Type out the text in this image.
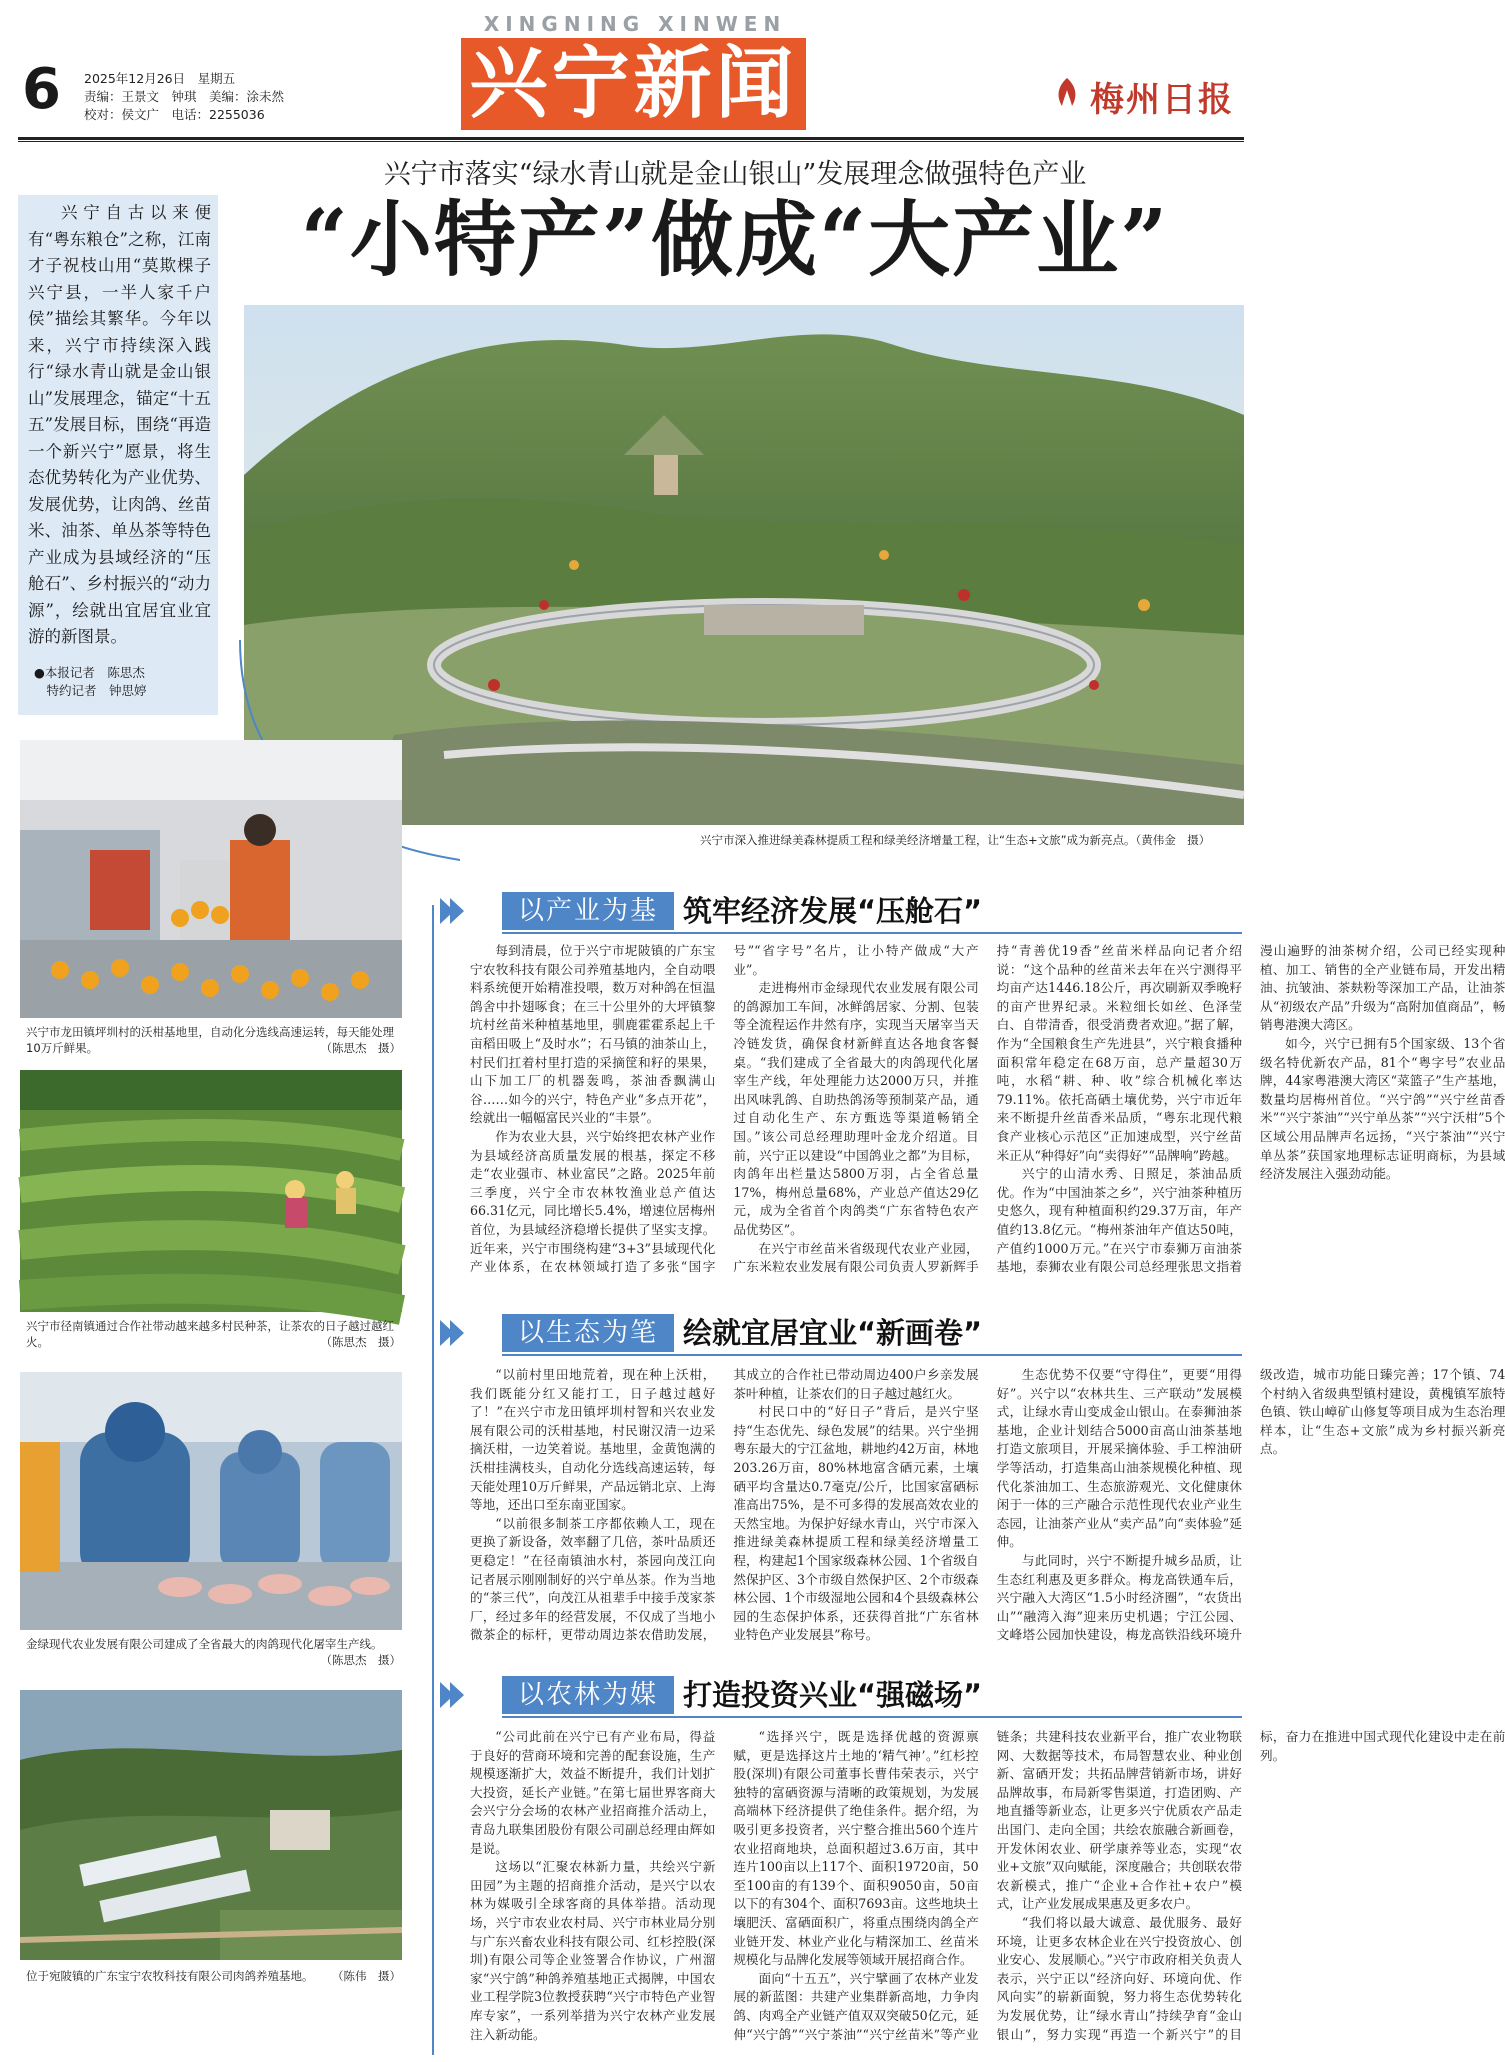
6 2025年12月26日　星期五
责编：王景文　钟琪　美编：涂未然
校对：侯文广　电话：2255036
XINGNING XINWEN
兴宁新闻	梅州日报
兴宁市落实“绿水青山就是金山银山”发展理念做强特色产业
“小特产”做成“大产业”
兴宁自古以来便有“粤东粮仓”之称，江南才子祝枝山用“莫欺棵子兴宁县，一半人家千户侯”描绘其繁华。今年以来，兴宁市持续深入践行“绿水青山就是金山银山”发展理念，锚定“十五五”发展目标，围绕“再造一个新兴宁”愿景，将生态优势转化为产业优势、发展优势，让肉鸽、丝苗米、油茶、单丛茶等特色产业成为县域经济的“压舱石”、乡村振兴的“动力源”，绘就出宜居宜业宜游的新图景。
●本报记者　陈思杰
　特约记者　钟思婷
兴宁市深入推进绿美森林提质工程和绿美经济增量工程，让“生态+文旅”成为新亮点。（黄伟金　摄）
兴宁市龙田镇坪圳村的沃柑基地里，自动化分选线高速运转，每天能处理10万斤鲜果。	（陈思杰　摄）
兴宁市径南镇通过合作社带动越来越多村民种茶，让茶农的日子越过越红火。	（陈思杰　摄）
金绿现代农业发展有限公司建成了全省最大的肉鸽现代化屠宰生产线。
（陈思杰　摄）
位于宛陂镇的广东宝宁农牧科技有限公司肉鸽养殖基地。 （陈伟　摄）
以产业为基 筑牢经济发展“压舱石”

每到清晨，位于兴宁市坭陂镇的广东宝宁农牧科技有限公司养殖基地内，全自动喂料系统便开始精准投喂，数万对种鸽在恒温鸽舍中扑翅啄食；在三十公里外的大坪镇黎坑村丝苗米种植基地里，驯鹿霍霍系起上千亩稻田吸上“及时水”；石马镇的油茶山上，村民们扛着村里打造的采摘筐和籽的果果，山下加工厂的机器轰鸣，茶油香飘满山谷……如今的兴宁，特色产业“多点开花”，绘就出一幅幅富民兴业的“丰景”。

作为农业大县，兴宁始终把农林产业作为县域经济高质量发展的根基，探定不移走“农业强市、林业富民”之路。2025年前三季度，兴宁全市农林牧渔业总产值达66.31亿元，同比增长5.4%，增速位居梅州首位，为县域经济稳增长提供了坚实支撑。近年来，兴宁市围绕构建“3+3”县域现代化产业体系，在农林领域打造了多张“国字号”“省字号”名片，让小特产做成“大产业”。

走进梅州市金绿现代农业发展有限公司的鸽源加工车间，冰鲜鸽居家、分割、包装等全流程运作井然有序，实现当天屠宰当天冷链发货，确保食材新鲜直达各地食客餐桌。“我们建成了全省最大的肉鸽现代化屠宰生产线，年处理能力达2000万只，并推出风味乳鸽、自助热鸽汤等预制菜产品，通过自动化生产、东方甄选等渠道畅销全国。”该公司总经理助理叶金龙介绍道。目前，兴宁正以建设“中国鸽业之都”为目标，肉鸽年出栏量达5800万羽，占全省总量17%，梅州总量68%，产业总产值达29亿元，成为全省首个肉鸽类“广东省特色农产品优势区”。

在兴宁市丝苗米省级现代农业产业园，广东米粒农业发展有限公司负责人罗新辉手持“青善优19香”丝苗米样品向记者介绍说：“这个品种的丝苗米去年在兴宁测得平均亩产达1446.18公斤，再次刷新双季晚籽的亩产世界纪录。米粒细长如丝、色泽莹白、自带清香，很受消费者欢迎。”据了解，作为“全国粮食生产先进县”，兴宁粮食播种面积常年稳定在68万亩，总产量超30万吨，水稻“耕、种、收”综合机械化率达79.11%。依托高硒土壤优势，兴宁市近年来不断提升丝苗香米品质，“粤东北现代粮食产业核心示范区”正加速成型，兴宁丝苗米正从“种得好”向“卖得好”“品牌响”跨越。

兴宁的山清水秀、日照足，茶油品质优。作为“中国油茶之乡”，兴宁油茶种植历史悠久，现有种植面积约29.37万亩，年产值约13.8亿元。“梅州茶油年产值达50吨，产值约1000万元。”在兴宁市泰狮万亩油茶基地，泰狮农业有限公司总经理张思文指着漫山遍野的油茶树介绍，公司已经实现种植、加工、销售的全产业链布局，开发出精油、抗皱油、茶麸粉等深加工产品，让油茶从“初级农产品”升级为“高附加值商品”，畅销粤港澳大湾区。

如今，兴宁已拥有5个国家级、13个省级名特优新农产品，81个“粤字号”农业品牌，44家粤港澳大湾区“菜篮子”生产基地，数量均居梅州首位。“兴宁鸽”“兴宁丝苗香米”“兴宁茶油”“兴宁单丛茶”“兴宁沃柑”5个区域公用品牌声名远扬，“兴宁茶油”“兴宁单丛茶”获国家地理标志证明商标，为县域经济发展注入强劲动能。

以生态为笔 绘就宜居宜业“新画卷”

“以前村里田地荒着，现在种上沃柑，我们既能分红又能打工，日子越过越好了！”在兴宁市龙田镇坪圳村智和兴农业发展有限公司的沃柑基地，村民谢汉清一边采摘沃柑，一边笑着说。基地里，金黄饱满的沃柑挂满枝头，自动化分选线高速运转，每天能处理10万斤鲜果，产品远销北京、上海等地，还出口至东南亚国家。

“以前很多制茶工序都依赖人工，现在更换了新设备，效率翻了几倍，茶叶品质还更稳定！”在径南镇油水村，茶园向茂江向记者展示刚刚制好的兴宁单丛茶。作为当地的“茶三代”，向茂江从祖辈手中接手茂家茶厂，经过多年的经营发展，不仅成了当地小微茶企的标杆，更带动周边茶农借助发展，其成立的合作社已带动周边400户乡亲发展茶叶种植，让茶农们的日子越过越红火。

村民口中的“好日子”背后，是兴宁坚持“生态优先、绿色发展”的结果。兴宁坐拥粤东最大的宁江盆地，耕地约42万亩，林地203.26万亩，80%林地富含硒元素，土壤硒平均含量达0.7毫克/公斤，比国家富硒标准高出75%，是不可多得的发展高效农业的天然宝地。为保护好绿水青山，兴宁市深入推进绿美森林提质工程和绿美经济增量工程，构建起1个国家级森林公园、1个省级自然保护区、3个市级自然保护区、2个市级森林公园、1个市级湿地公园和4个县级森林公园的生态保护体系，还获得首批“广东省林业特色产业发展县”称号。

生态优势不仅要“守得住”，更要“用得好”。兴宁以“农林共生、三产联动”发展模式，让绿水青山变成金山银山。在泰狮油茶基地，企业计划结合5000亩高山油茶基地打造文旅项目，开展采摘体验、手工榨油研学等活动，打造集高山油茶规模化种植、现代化茶油加工、生态旅游观光、文化健康休闲于一体的三产融合示范性现代农业产业生态园，让油茶产业从“卖产品”向“卖体验”延伸。

与此同时，兴宁不断提升城乡品质，让生态红利惠及更多群众。梅龙高铁通车后，兴宁融入大湾区“1.5小时经济圈”，“农货出山”“融湾入海”迎来历史机遇；宁江公园、文峰塔公园加快建设，梅龙高铁沿线环境升级改造，城市功能日臻完善；17个镇、74个村纳入省级典型镇村建设，黄槐镇军旅特色镇、铁山嶂矿山修复等项目成为生态治理样本，让“生态+文旅”成为乡村振兴新亮点。

以农林为媒 打造投资兴业“强磁场”

“公司此前在兴宁已有产业布局，得益于良好的营商环境和完善的配套设施，生产规模逐渐扩大，效益不断提升，我们计划扩大投资，延长产业链。”在第七届世界客商大会兴宁分会场的农林产业招商推介活动上，青岛九联集团股份有限公司副总经理由辉如是说。

这场以“汇聚农林新力量，共绘兴宁新田园”为主题的招商推介活动，是兴宁以农林为媒吸引全球客商的具体举措。活动现场，兴宁市农业农村局、兴宁市林业局分别与广东兴畜农业科技有限公司、红杉控股(深圳)有限公司等企业签署合作协议，广州溜家“兴宁鸽”种鸽养殖基地正式揭牌，中国农业工程学院3位教授获聘“兴宁市特色产业智库专家”，一系列举措为兴宁农林产业发展注入新动能。

“选择兴宁，既是选择优越的资源禀赋，更是选择这片土地的‘精气神’。”红杉控股(深圳)有限公司董事长曹伟荣表示，兴宁独特的富硒资源与清晰的政策规划，为发展高端林下经济提供了绝佳条件。据介绍，为吸引更多投资者，兴宁整合推出560个连片农业招商地块，总面积超过3.6万亩，其中连片100亩以上117个、面积19720亩，50至100亩的有139个、面积9050亩，50亩以下的有304个、面积7693亩。这些地块土壤肥沃、富硒面积广，将重点围绕肉鸽全产业链开发、林业产业化与精深加工、丝苗米规模化与品牌化发展等领域开展招商合作。

面向“十五五”，兴宁擘画了农林产业发展的新蓝图：共建产业集群新高地，力争肉鸽、肉鸡全产业链产值双双突破50亿元，延伸“兴宁鸽”“兴宁茶油”“兴宁丝苗米”等产业链条；共建科技农业新平台，推广农业物联网、大数据等技术，布局智慧农业、种业创新、富硒开发；共拓品牌营销新市场，讲好品牌故事，布局新零售渠道，打造团购、产地直播等新业态，让更多兴宁优质农产品走出国门、走向全国；共绘农旅融合新画卷，开发休闲农业、研学康养等业态，实现“农业+文旅”双向赋能，深度融合；共创联农带农新模式，推广“企业+合作社+农户”模式，让产业发展成果惠及更多农户。

“我们将以最大诚意、最优服务、最好环境，让更多农林企业在兴宁投资放心、创业安心、发展顺心。”兴宁市政府相关负责人表示，兴宁正以“经济向好、环境向优、作风向实”的崭新面貌，努力将生态优势转化为发展优势，让“绿水青山”持续孕育“金山银山”，努力实现“再造一个新兴宁”的目标，奋力在推进中国式现代化建设中走在前列。
